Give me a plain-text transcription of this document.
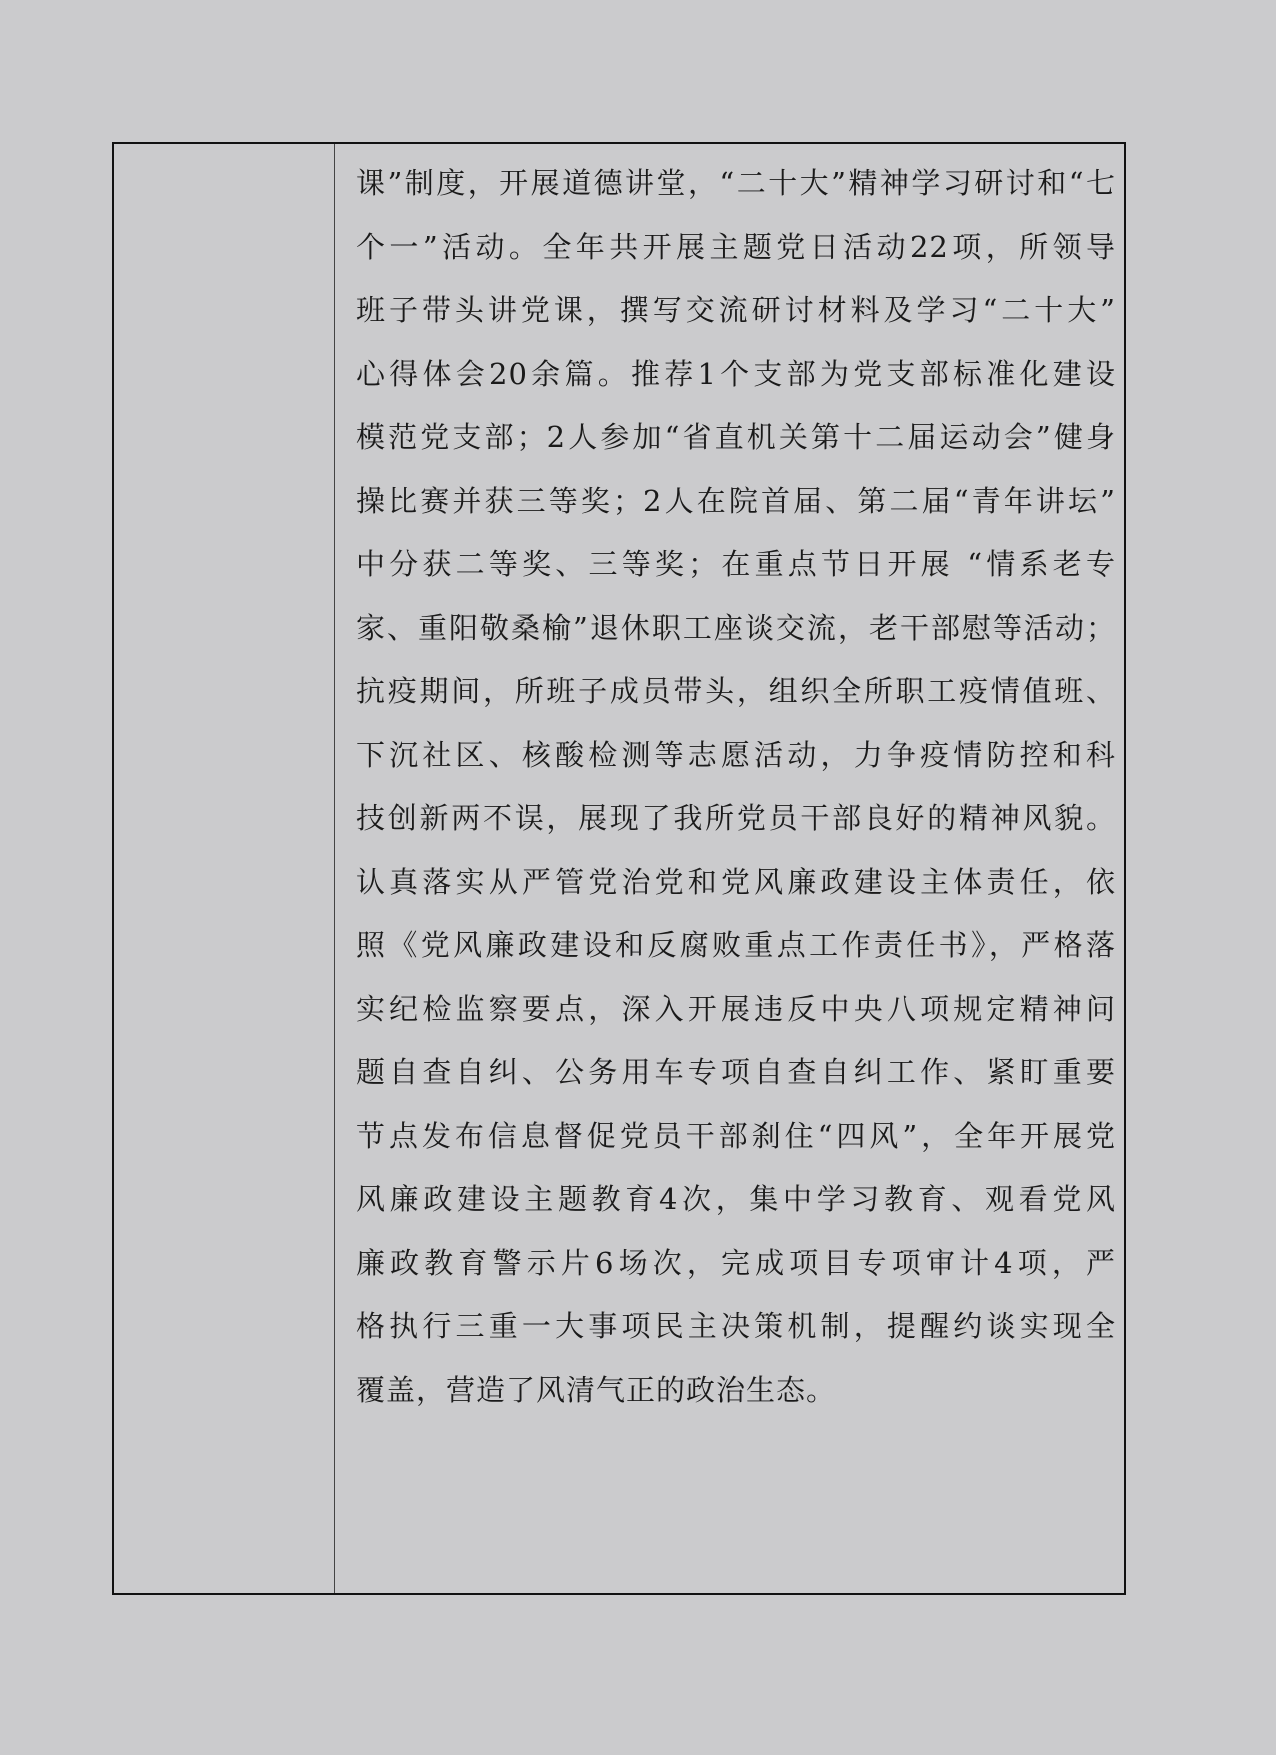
课”制度，开展道德讲堂，“二十大”精神学习研讨和“七
个一”活动。全年共开展主题党日活动22项，所领导
班子带头讲党课，撰写交流研讨材料及学习“二十大”
心得体会20余篇。推荐1个支部为党支部标准化建设
模范党支部；2人参加“省直机关第十二届运动会”健身
操比赛并获三等奖；2人在院首届、第二届“青年讲坛”
中分获二等奖、三等奖；在重点节日开展 “情系老专
家、重阳敬桑榆”退休职工座谈交流，老干部慰等活动；
抗疫期间，所班子成员带头，组织全所职工疫情值班、
下沉社区、核酸检测等志愿活动，力争疫情防控和科
技创新两不误，展现了我所党员干部良好的精神风貌。
认真落实从严管党治党和党风廉政建设主体责任，依
照《党风廉政建设和反腐败重点工作责任书》，严格落
实纪检监察要点，深入开展违反中央八项规定精神问
题自查自纠、公务用车专项自查自纠工作、紧盯重要
节点发布信息督促党员干部刹住“四风”，全年开展党
风廉政建设主题教育4次，集中学习教育、观看党风
廉政教育警示片6场次，完成项目专项审计4项，严
格执行三重一大事项民主决策机制，提醒约谈实现全
覆盖，营造了风清气正的政治生态。
